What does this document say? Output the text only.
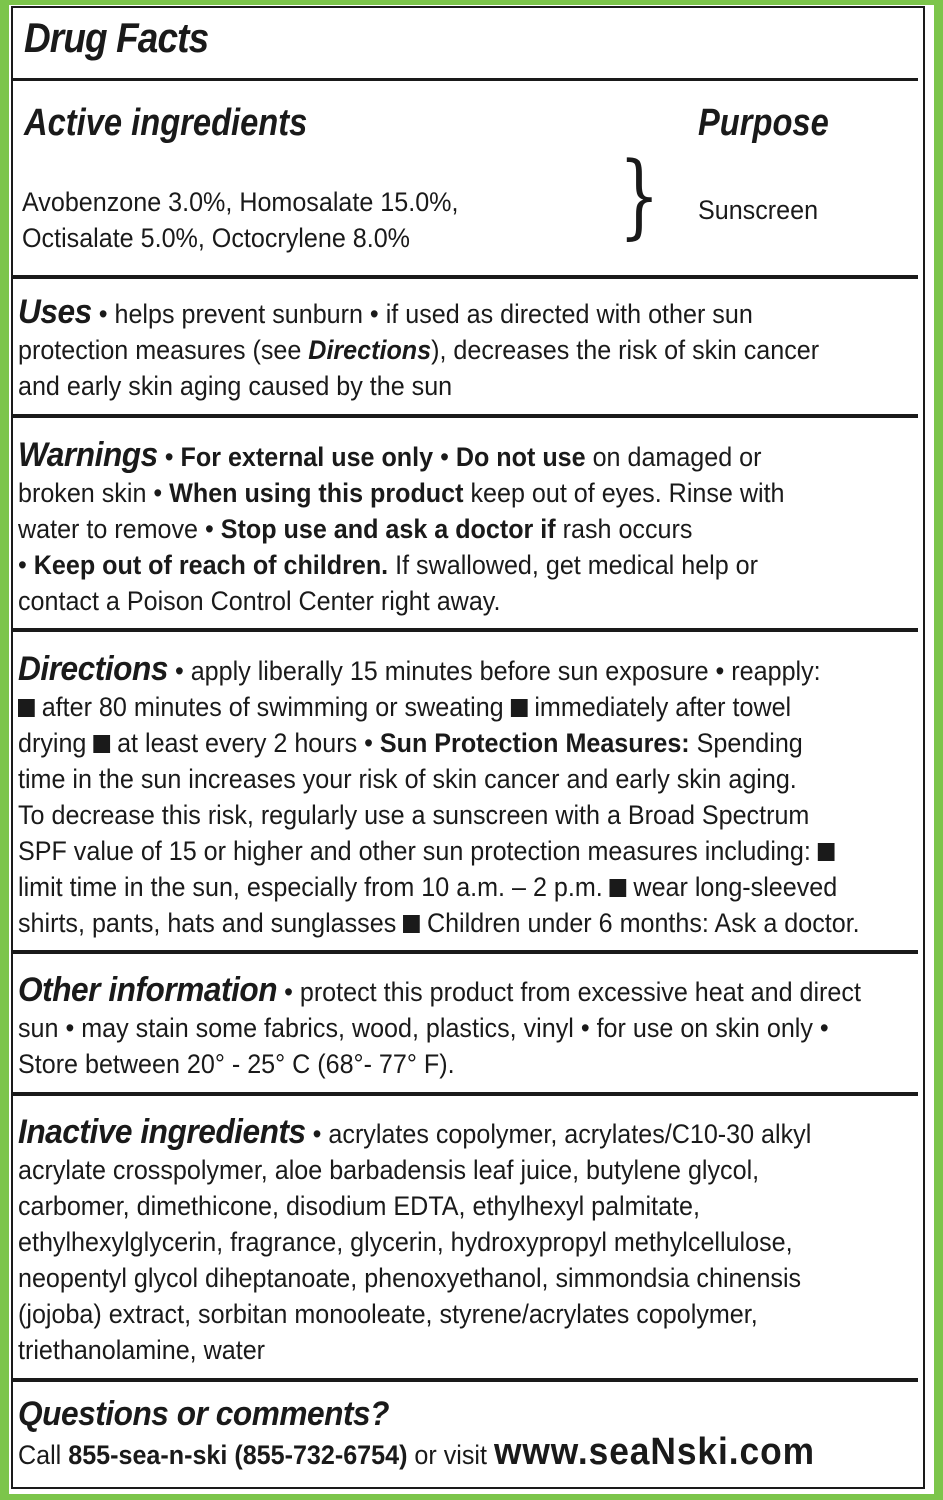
Drug Facts
Active ingredients	Purpose
Avobenzone 3.0%, Homosalate 15.0%,
Octisalate 5.0%, Octocrylene 8.0%	} Sunscreen
Uses • helps prevent sunburn • if used as directed with other sun
protection measures (see Directions), decreases the risk of skin cancer
and early skin aging caused by the sun
Warnings • For external use only • Do not use on damaged or
broken skin • When using this product keep out of eyes. Rinse with
water to remove • Stop use and ask a doctor if rash occurs
• Keep out of reach of children. If swallowed, get medical help or
contact a Poison Control Center right away.
Directions • apply liberally 15 minutes before sun exposure • reapply:
after 80 minutes of swimming or sweating  immediately after towel
drying  at least every 2 hours • Sun Protection Measures: Spending
time in the sun increases your risk of skin cancer and early skin aging.
To decrease this risk, regularly use a sunscreen with a Broad Spectrum
SPF value of 15 or higher and other sun protection measures including:
limit time in the sun, especially from 10 a.m. – 2 p.m.  wear long-sleeved
shirts, pants, hats and sunglasses  Children under 6 months: Ask a doctor.
Other information • protect this product from excessive heat and direct
sun • may stain some fabrics, wood, plastics, vinyl • for use on skin only •
Store between 20° - 25° C (68°- 77° F).
Inactive ingredients • acrylates copolymer, acrylates/C10-30 alkyl
acrylate crosspolymer, aloe barbadensis leaf juice, butylene glycol,
carbomer, dimethicone, disodium EDTA, ethylhexyl palmitate,
ethylhexylglycerin, fragrance, glycerin, hydroxypropyl methylcellulose,
neopentyl glycol diheptanoate, phenoxyethanol, simmondsia chinensis
(jojoba) extract, sorbitan monooleate, styrene/acrylates copolymer,
triethanolamine, water
Questions or comments?
Call 855-sea-n-ski (855-732-6754) or visit www.seaNski.com
